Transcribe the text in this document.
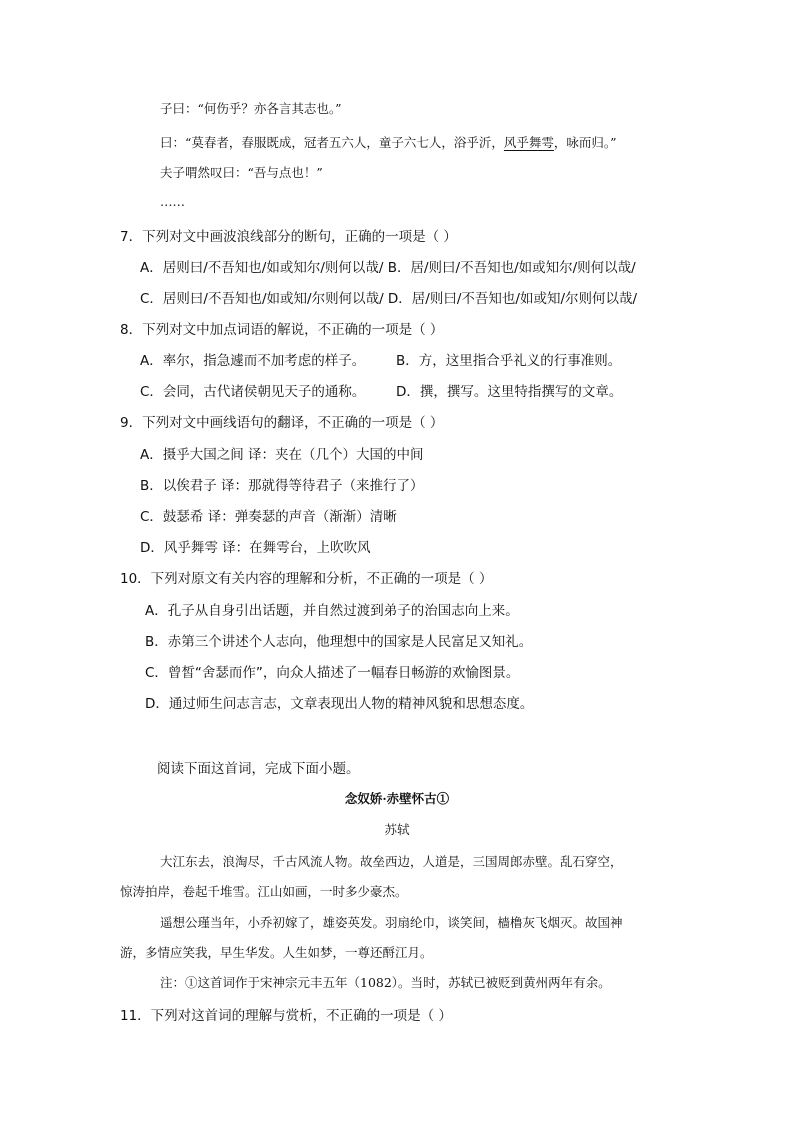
子曰：“何伤乎？亦各言其志也。”
曰：“莫春者，春服既成，冠者五六人，童子六七人，浴乎沂，风乎舞雩，咏而归。”
夫子喟然叹曰：“吾与点也！”
……
7．下列对文中画波浪线部分的断句，正确的一项是（ ）
A．居则曰/不吾知也/如或知尔/则何以哉/ B．居/则曰/不吾知也/如或知尔/则何以哉/
C．居则曰/不吾知也/如或知/尔则何以哉/ D．居/则曰/不吾知也/如或知/尔则何以哉/
8．下列对文中加点词语的解说，不正确的一项是（ ）
A．率尔，指急遽而不加考虑的样子。 B．方，这里指合乎礼义的行事准则。
C．会同，古代诸侯朝见天子的通称。 D．撰，撰写。这里特指撰写的文章。
9．下列对文中画线语句的翻译，不正确的一项是（ ）
A．摄乎大国之间 译：夹在（几个）大国的中间
B．以俟君子 译：那就得等待君子（来推行了）
C．鼓瑟希 译：弹奏瑟的声音（渐渐）清晰
D．风乎舞雩 译：在舞雩台，上吹吹风
10．下列对原文有关内容的理解和分析，不正确的一项是（ ）
A．孔子从自身引出话题，并自然过渡到弟子的治国志向上来。
B．赤第三个讲述个人志向，他理想中的国家是人民富足又知礼。
C．曾皙“舍瑟而作”，向众人描述了一幅春日畅游的欢愉图景。
D．通过师生问志言志，文章表现出人物的精神风貌和思想态度。
阅读下面这首词，完成下面小题。
念奴娇·赤壁怀古①
苏轼
大江东去，浪淘尽，千古风流人物。故垒西边，人道是，三国周郎赤壁。乱石穿空，
惊涛拍岸，卷起千堆雪。江山如画，一时多少豪杰。
遥想公瑾当年，小乔初嫁了，雄姿英发。羽扇纶巾，谈笑间，樯橹灰飞烟灭。故国神
游，多情应笑我，早生华发。人生如梦，一尊还酹江月。
注：①这首词作于宋神宗元丰五年（1082）。当时，苏轼已被贬到黄州两年有余。
11．下列对这首词的理解与赏析，不正确的一项是（ ）
